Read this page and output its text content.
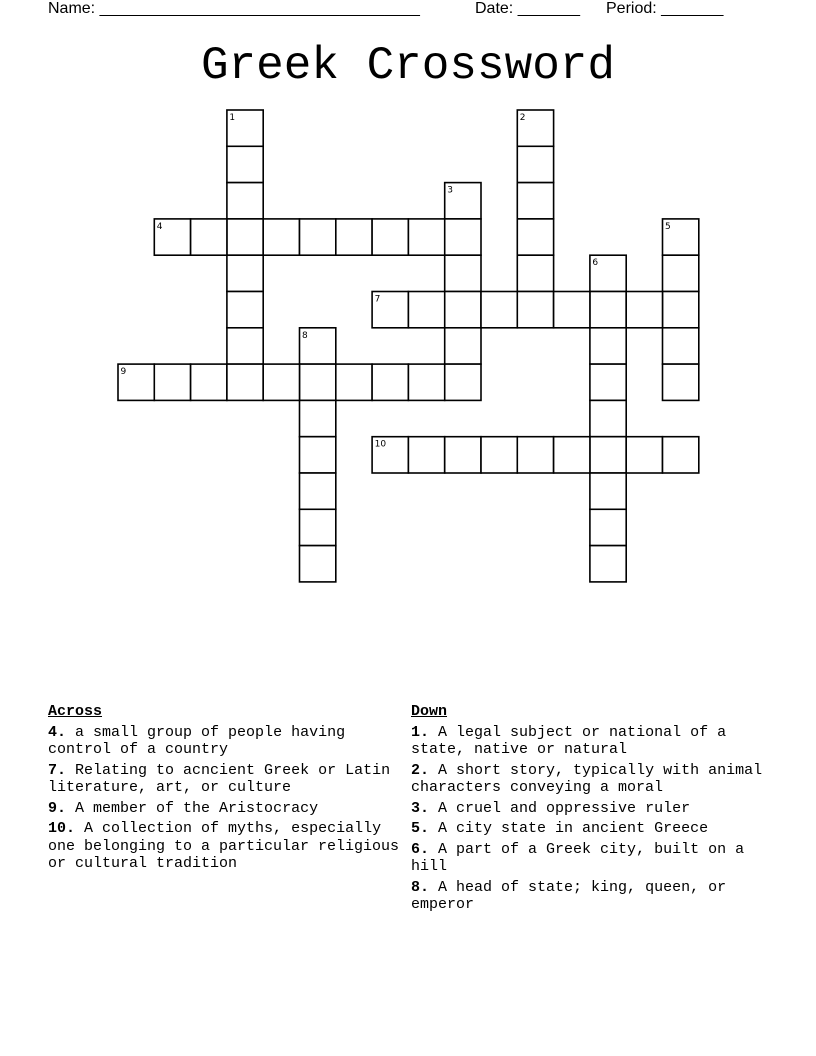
Name: ____________________________________	Date: _______ Period: _______
Greek Crossword
1	2
3
4	5
6
7
8
9
10
Across
4. a small group of people having control of a country
7. Relating to acncient Greek or Latin literature, art, or culture
9. A member of the Aristocracy
10. A collection of myths, especially one belonging to a particular religious or cultural tradition
Down
1. A legal subject or national of a state, native or natural
2. A short story, typically with animal characters conveying a moral
3. A cruel and oppressive ruler
5. A city state in ancient Greece
6. A part of a Greek city, built on a hill
8. A head of state; king, queen, or emperor
